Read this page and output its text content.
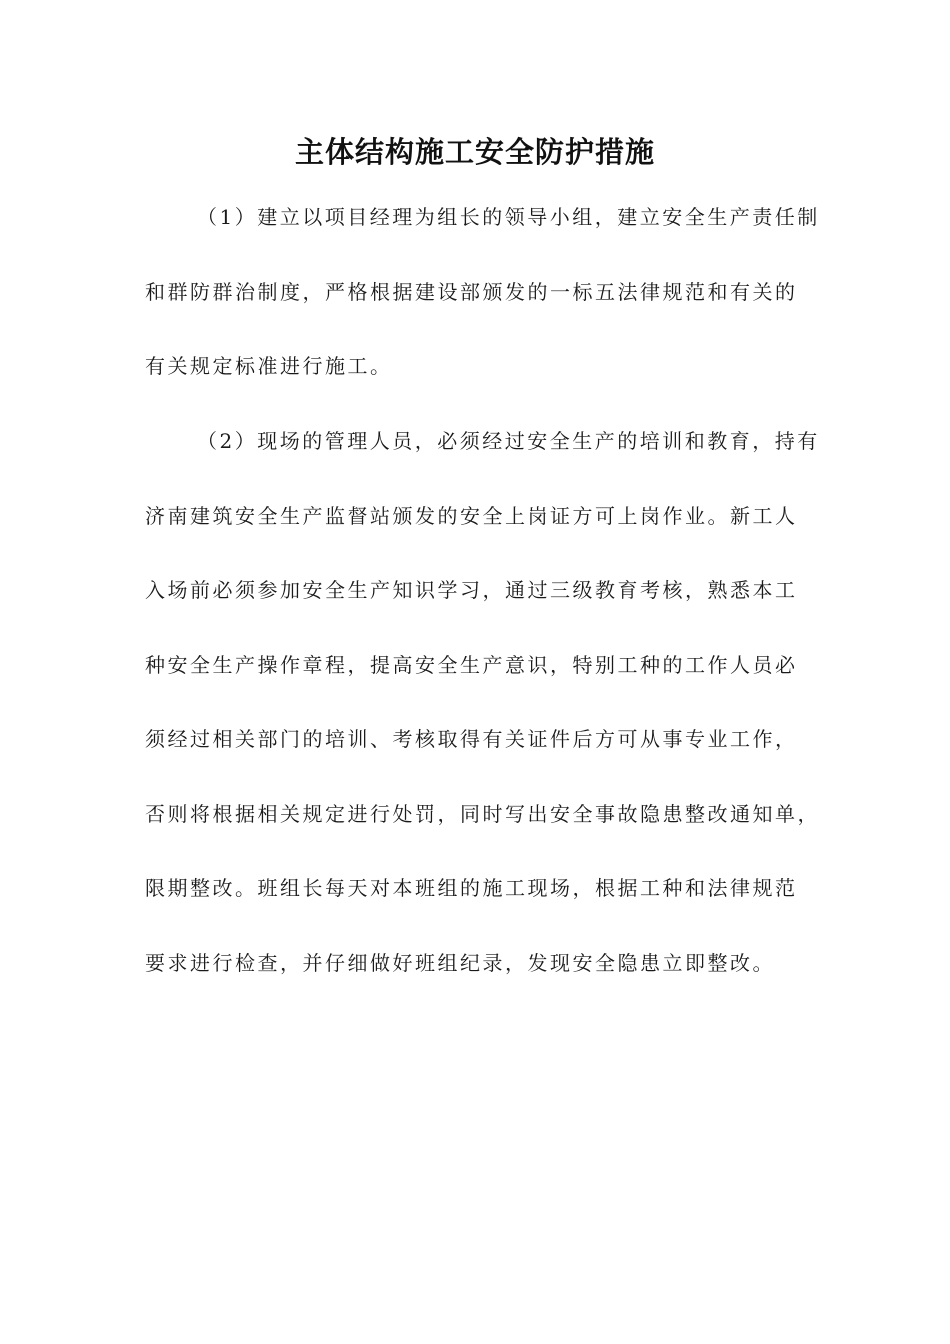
主体结构施工安全防护措施
（1）建立以项目经理为组长的领导小组，建立安全生产责任制
和群防群治制度，严格根据建设部颁发的一标五法律规范和有关的
有关规定标准进行施工。
（2）现场的管理人员，必须经过安全生产的培训和教育，持有
济南建筑安全生产监督站颁发的安全上岗证方可上岗作业。新工人
入场前必须参加安全生产知识学习，通过三级教育考核，熟悉本工
种安全生产操作章程，提高安全生产意识，特别工种的工作人员必
须经过相关部门的培训、考核取得有关证件后方可从事专业工作，
否则将根据相关规定进行处罚，同时写出安全事故隐患整改通知单，
限期整改。班组长每天对本班组的施工现场，根据工种和法律规范
要求进行检查，并仔细做好班组纪录，发现安全隐患立即整改。
